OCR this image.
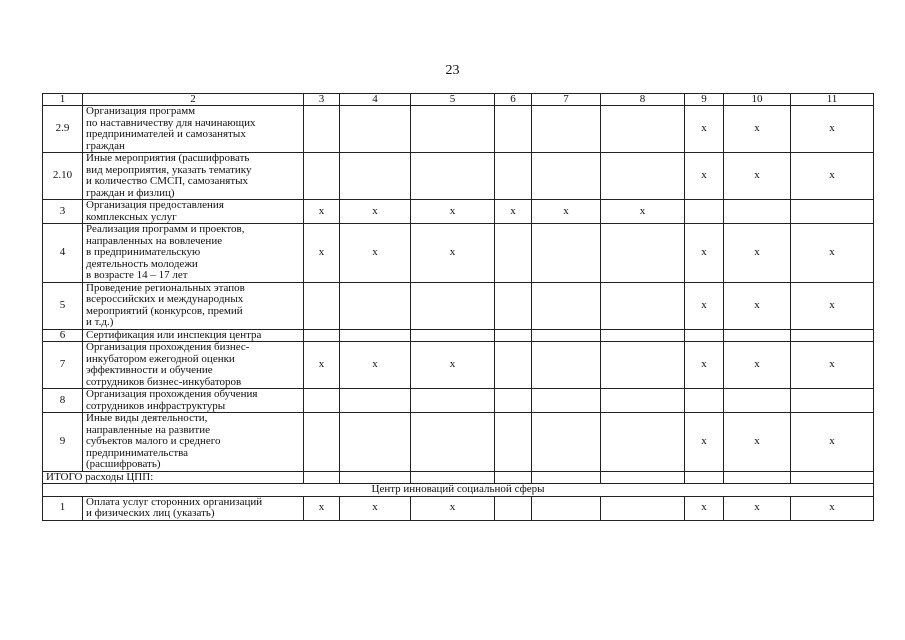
23
1	2	3	4	5	6	7	8	9	10	11
2.9	Организация программ
по наставничеству для начинающих
предпринимателей и самозанятых
граждан							х	х	х
2.10	Иные мероприятия (расшифровать
вид мероприятия, указать тематику
и количество СМСП, самозанятых
граждан и физлиц)							х	х	х
3	Организация предоставления
комплексных услуг	х	х	х	х	х	х			
4	Реализация программ и проектов,
направленных на вовлечение
в предпринимательскую
деятельность молодежи
в возрасте 14 – 17 лет	х	х	х				х	х	х
5	Проведение региональных этапов
всероссийских и международных
мероприятий (конкурсов, премий
и т.д.)							х	х	х
6	Сертификация или инспекция центра									
7	Организация прохождения бизнес-
инкубатором ежегодной оценки
эффективности и обучение
сотрудников бизнес-инкубаторов	х	х	х				х	х	х
8	Организация прохождения обучения
сотрудников инфраструктуры									
9	Иные виды деятельности,
направленные на развитие
субъектов малого и среднего
предпринимательства
(расшифровать)							х	х	х
ИТОГО расходы ЦПП:										
Центр инноваций социальной сферы										
1	Оплата услуг сторонних организаций
и физических лиц (указать)	х	х	х				х	х	х
